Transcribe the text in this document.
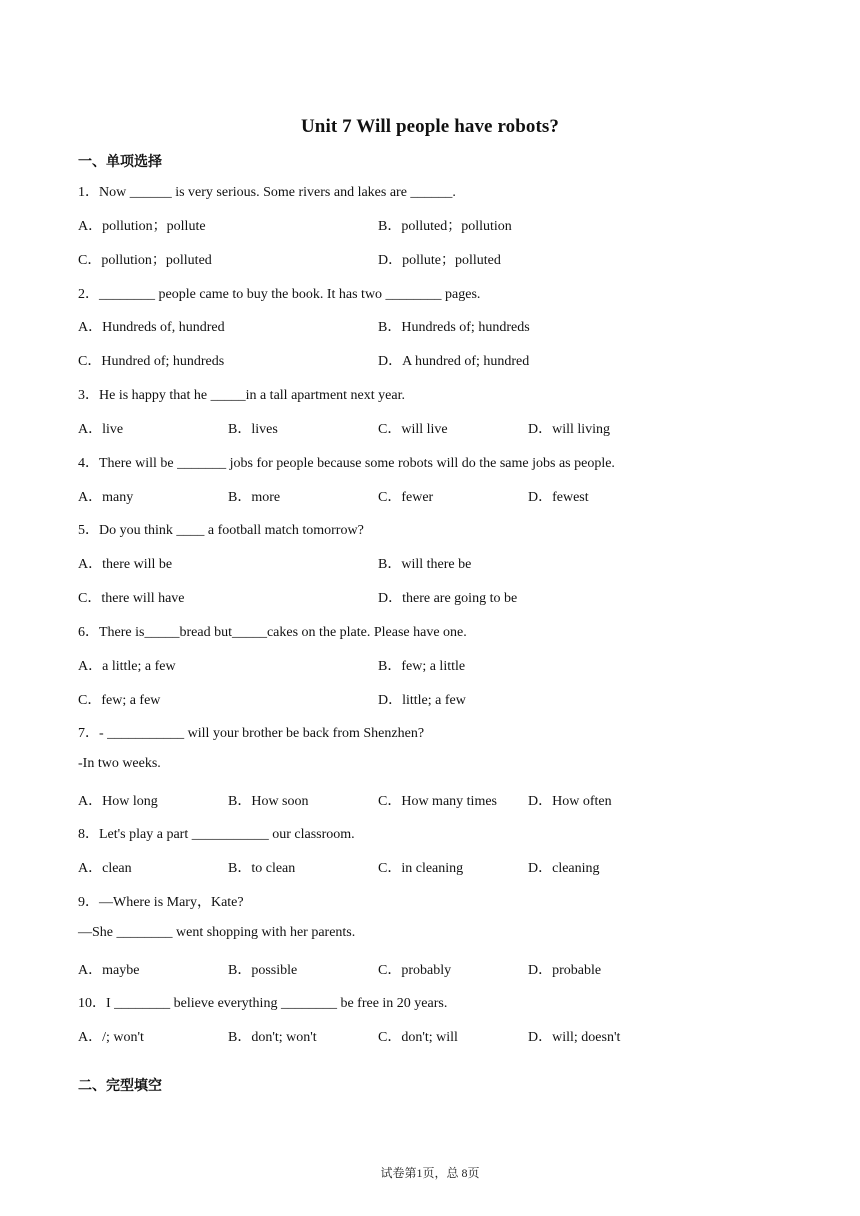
Unit 7 Will people have robots?
一、单项选择
1．Now ______ is very serious. Some rivers and lakes are ______.
A．pollution；pollute	B．polluted；pollution
C．pollution；polluted	D．pollute；polluted
2．________ people came to buy the book. It has two ________ pages.
A．Hundreds of, hundred	B．Hundreds of; hundreds
C．Hundred of; hundreds	D．A hundred of; hundred
3．He is happy that he _____in a tall apartment next year.
A．live	B．lives	C．will live	D．will living
4．There will be _______ jobs for people because some robots will do the same jobs as people.
A．many	B．more	C．fewer	D．fewest
5．Do you think ____ a football match tomorrow?
A．there will be	B．will there be
C．there will have	D．there are going to be
6．There is_____bread but_____cakes on the plate. Please have one.
A．a little; a few	B．few; a little
C．few; a few	D．little; a few
7．- ___________ will your brother be back from Shenzhen?
-In two weeks.
A．How long	B．How soon	C．How many times D．How often
8．Let's play a part ___________ our classroom.
A．clean	B．to clean	C．in cleaning	D．cleaning
9．—Where is Mary，Kate?
—She ________ went shopping with her parents.
A．maybe	B．possible	C．probably	D．probable
10．I ________ believe everything ________ be free in 20 years.
A．/; won't	B．don't; won't	C．don't; will	D．will; doesn't
二、完型填空
试卷第1页，总 8页
